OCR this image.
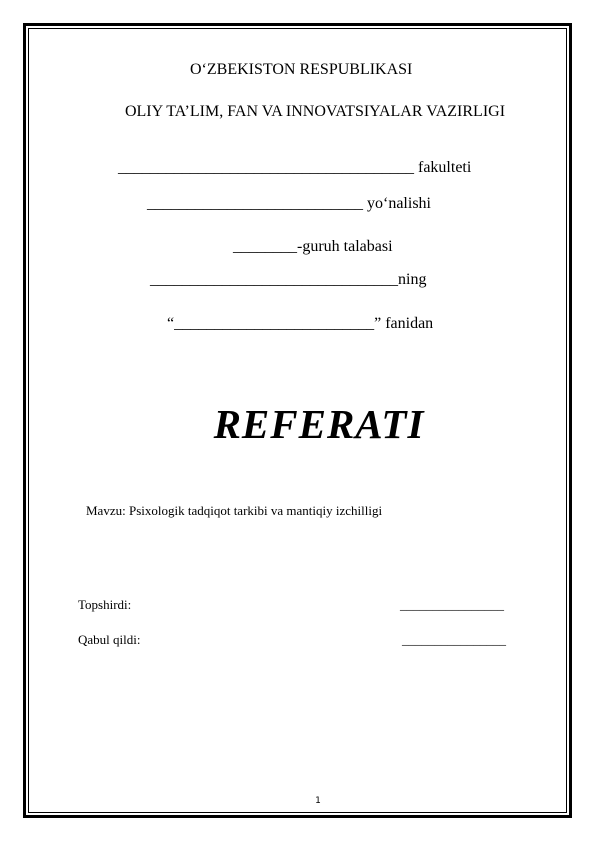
O‘ZBEKISTON RESPUBLIKASI
OLIY TA’LIM, FAN VA INNOVATSIYALAR VAZIRLIGI
_____________________________________ fakulteti
___________________________ yo‘nalishi
________-guruh talabasi
_______________________________ning
“_________________________” fanidan
REFERATI
Mavzu: Psixologik tadqiqot tarkibi va mantiqiy izchilligi
Topshirdi:	________________
Qabul qildi:	________________
1
